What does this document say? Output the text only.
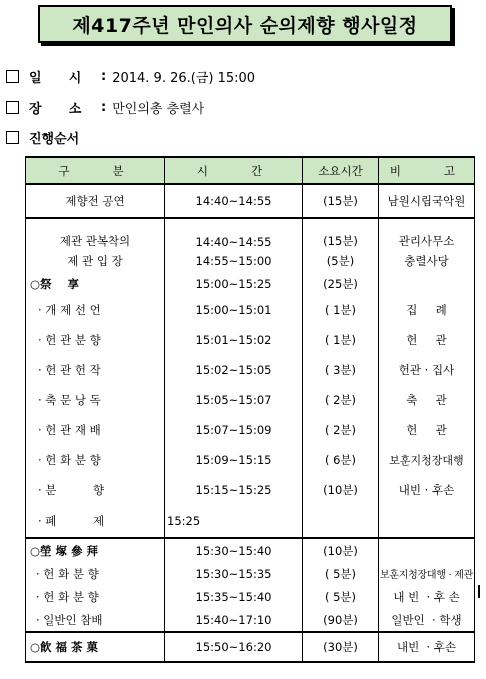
제417주년 만인의사 순의제향 행사일정
일      시	: 2014. 9. 26.(금) 15:00
장      소	: 만인의총 충렬사
진행순서
구   분	시   간	소요시간	비   고
제향전 공연	14:40~14:55	(15분)	남원시립국악원
제관 관복착의	14:40~14:55	(15분)	관리사무소
제 관 입 장	14:55~15:00	(5분)	충렬사당
○祭    享	15:00~15:25	(25분)	
· 개 제 선 언	15:00~15:01	( 1분)	집     례
· 헌 관 분 향	15:01~15:02	( 1분)	헌     관
· 헌 관 헌 작	15:02~15:05	( 3분)	헌관 · 집사
· 축 문 낭 독	15:05~15:07	( 2분)	축     관
· 헌 관 재 배	15:07~15:09	( 2분)	헌     관
· 헌 화 분 향	15:09~15:15	( 6분)	보훈지청장대행
· 분          향	15:15~15:25	(10분)	내빈 · 후손
· 폐          제	15:25		
○塋 塚 參 拜	15:30~15:40	(10분)	
· 헌 화 분 향	15:30~15:35	( 5분)	보훈지청장대행 · 제관
· 헌 화 분 향	15:35~15:40	( 5분)	내 빈  · 후 손
· 일반인 참배	15:40~17:10	(90분)	일반인  · 학생
○飮 福 茶 菓	15:50~16:20	(30분)	내빈  · 후손
